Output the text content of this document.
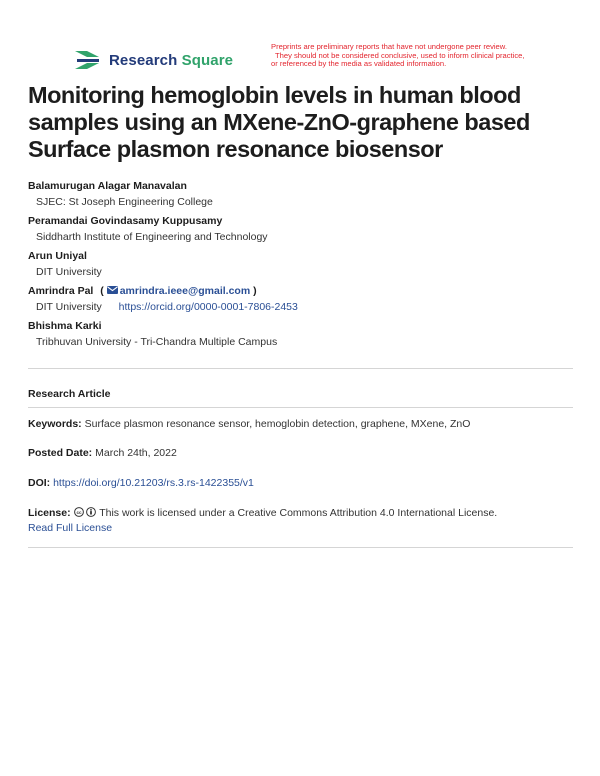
Research Square
Preprints are preliminary reports that have not undergone peer review.
They should not be considered conclusive, used to inform clinical practice,
or referenced by the media as validated information.
Monitoring hemoglobin levels in human blood
samples using an MXene-ZnO-graphene based
Surface plasmon resonance biosensor
Balamurugan Alagar Manavalan
SJEC: St Joseph Engineering College
Peramandai Govindasamy Kuppusamy
Siddharth Institute of Engineering and Technology
Arun Uniyal
DIT University
Amrindra Pal ( amrindra.ieee@gmail.com )
DIT University https://orcid.org/0000-0001-7806-2453
Bhishma Karki
Tribhuvan University - Tri-Chandra Multiple Campus
Research Article
Keywords: Surface plasmon resonance sensor, hemoglobin detection, graphene, MXene, ZnO
Posted Date: March 24th, 2022
DOI: https://doi.org/10.21203/rs.3.rs-1422355/v1
License: cc This work is licensed under a Creative Commons Attribution 4.0 International License.
Read Full License
